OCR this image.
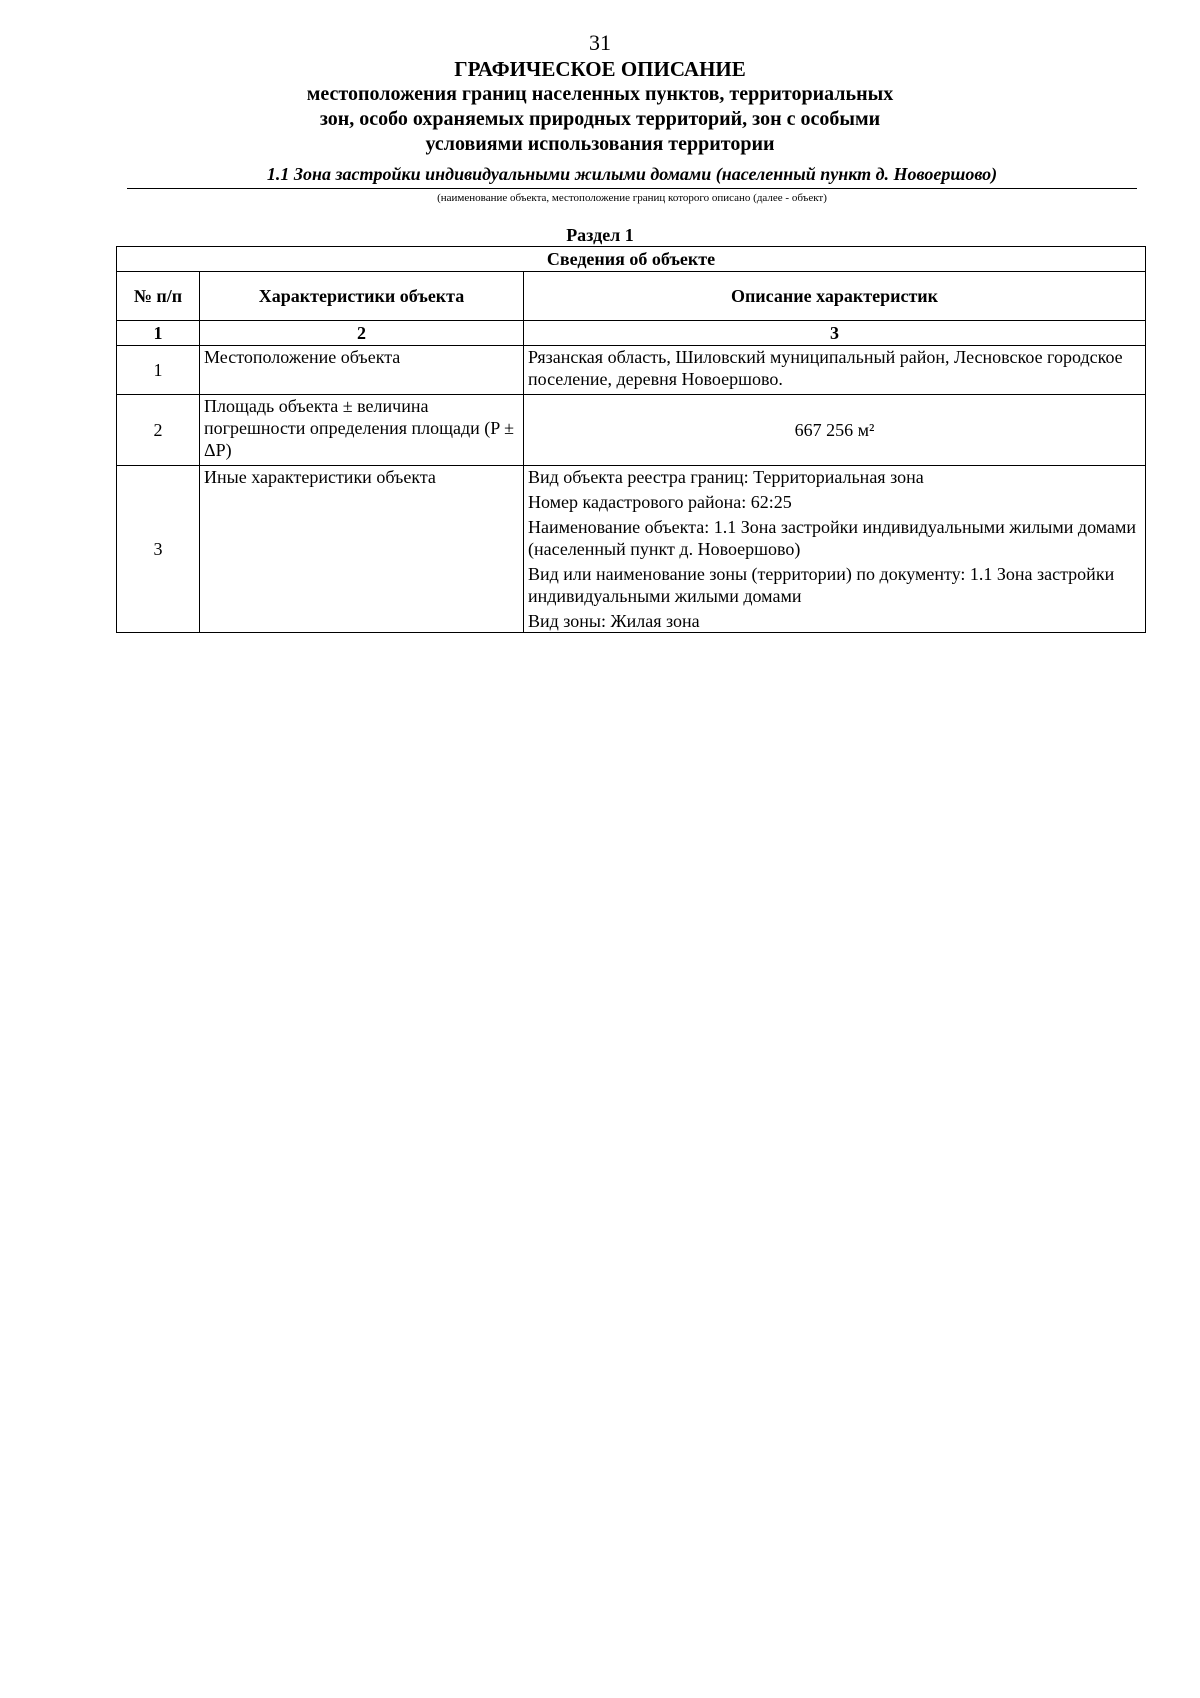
31
ГРАФИЧЕСКОЕ ОПИСАНИЕ
местоположения границ населенных пунктов, территориальных
зон, особо охраняемых природных территорий, зон с особыми
условиями использования территории
1.1 Зона застройки индивидуальными жилыми домами (населенный пункт д. Новоершово)
(наименование объекта, местоположение границ которого описано (далее - объект)
Раздел 1
Сведения об объекте		
№ п/п	Характеристики объекта	Описание характеристик
1	2	3
1	Местоположение объекта	Рязанская область, Шиловский муниципальный район, Лесновское городское поселение, деревня Новоершово.

2	Площадь объекта ± величина погрешности определения площади (P ± ΔP)	667 256 м²
3	Иные характеристики объекта	Вид объекта реестра границ: Территориальная зона
Номер кадастрового района: 62:25
Наименование объекта: 1.1 Зона застройки индивидуальными жилыми домами (населенный пункт д. Новоершово)
Вид или наименование зоны (территории) по документу: 1.1 Зона застройки индивидуальными жилыми домами
Вид зоны: Жилая зона
